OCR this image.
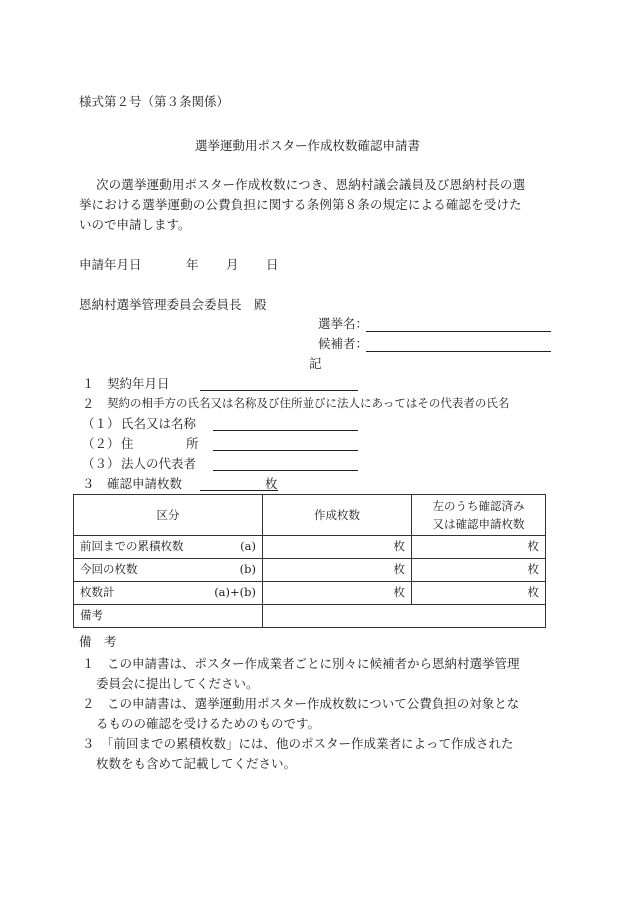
様式第２号（第３条関係）
選挙運動用ポスター作成枚数確認申請書
次の選挙運動用ポスター作成枚数につき、恩納村議会議員及び恩納村長の選
挙における選挙運動の公費負担に関する条例第８条の規定による確認を受けた
いので申請します。
申請年月日	年 月 日
恩納村選挙管理委員会委員長　殿
選挙名：
候補者：
記
１ 契約年月日
２ 契約の相手方の氏名又は名称及び住所並びに法人にあってはその代表者の氏名
（１） 氏名又は名称
（２） 住	所
（３） 法人の代表者
３ 確認申請枚数	枚
区分	作成枚数	左のうち確認済み
又は確認申請枚数

前回までの累積枚数 (a)	枚	枚

今回の枚数 (b)	枚	枚

枚数計 (a)+(b)	枚	枚

備考		

備　考
１ この申請書は、ポスター作成業者ごとに別々に候補者から恩納村選挙管理
委員会に提出してください。
２ この申請書は、選挙運動用ポスター作成枚数について公費負担の対象とな
るものの確認を受けるためのものです。
３ 「前回までの累積枚数」には、他のポスター作成業者によって作成された
枚数をも含めて記載してください。
